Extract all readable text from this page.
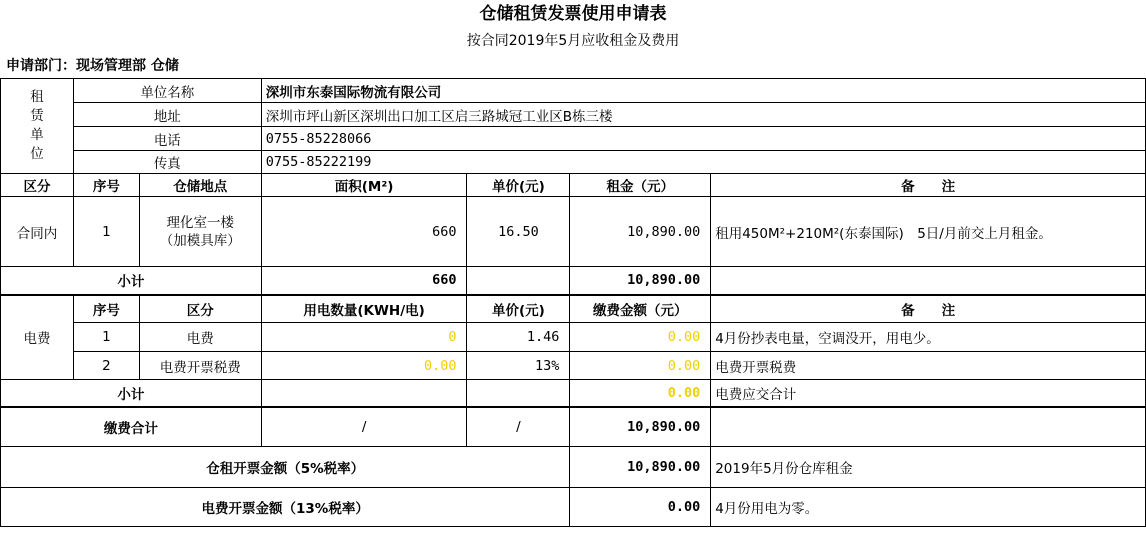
仓储租赁发票使用申请表
按合同2019年5月应收租金及费用
申请部门：现场管理部 仓储
租
赁
单
位	单位名称		深圳市东泰国际物流有限公司			
	地址		深圳市坪山新区深圳出口加工区启三路城冠工业区B栋三楼			
	电话		0755-85228066			
	传真		0755-85222199			
区分	序号	仓储地点	面积(M²)	单价(元)	租金（元）	备　　注
合同内	1	理化室一楼
（加模具库）	660	16.50	10,890.00	租用450M²+210M²(东泰国际)　5日/月前交上月租金。
小计			660		10,890.00	
电费	序号	区分	用电数量(KWH/电)	单价(元)	缴费金额（元）	备　　注
	1	电费	0	1.46	0.00	4月份抄表电量，空调没开，用电少。
	2	电费开票税费	0.00	13%	0.00	电费开票税费
小计					0.00	电费应交合计
缴费合计			/	/	10,890.00	
仓租开票金额（5%税率）					10,890.00	2019年5月份仓库租金
电费开票金额（13%税率）					0.00	4月份用电为零。
